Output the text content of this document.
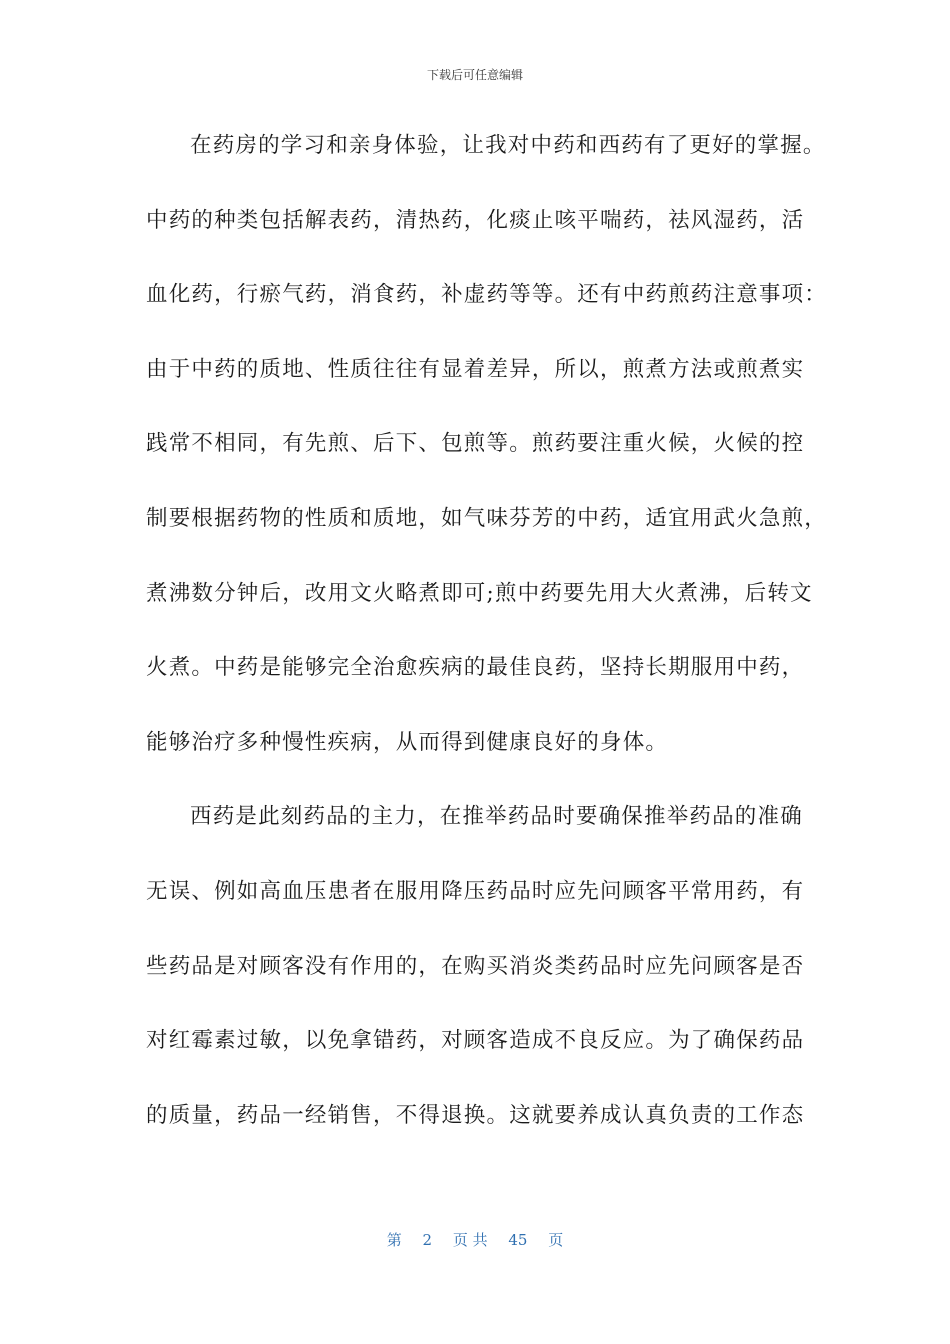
下载后可任意编辑
在药房的学习和亲身体验，让我对中药和西药有了更好的掌握。
中药的种类包括解表药，清热药，化痰止咳平喘药，祛风湿药，活
血化药，行瘀气药，消食药，补虚药等等。还有中药煎药注意事项：
由于中药的质地、性质往往有显着差异，所以，煎煮方法或煎煮实
践常不相同，有先煎、后下、包煎等。煎药要注重火候，火候的控
制要根据药物的性质和质地，如气味芬芳的中药，适宜用武火急煎，
煮沸数分钟后，改用文火略煮即可;煎中药要先用大火煮沸，后转文
火煮。中药是能够完全治愈疾病的最佳良药，坚持长期服用中药，
能够治疗多种慢性疾病，从而得到健康良好的身体。
西药是此刻药品的主力，在推举药品时要确保推举药品的准确
无误、例如高血压患者在服用降压药品时应先问顾客平常用药，有
些药品是对顾客没有作用的，在购买消炎类药品时应先问顾客是否
对红霉素过敏，以免拿错药，对顾客造成不良反应。为了确保药品
的质量，药品一经销售，不得退换。这就要养成认真负责的工作态
第 2 页 共 45 页
